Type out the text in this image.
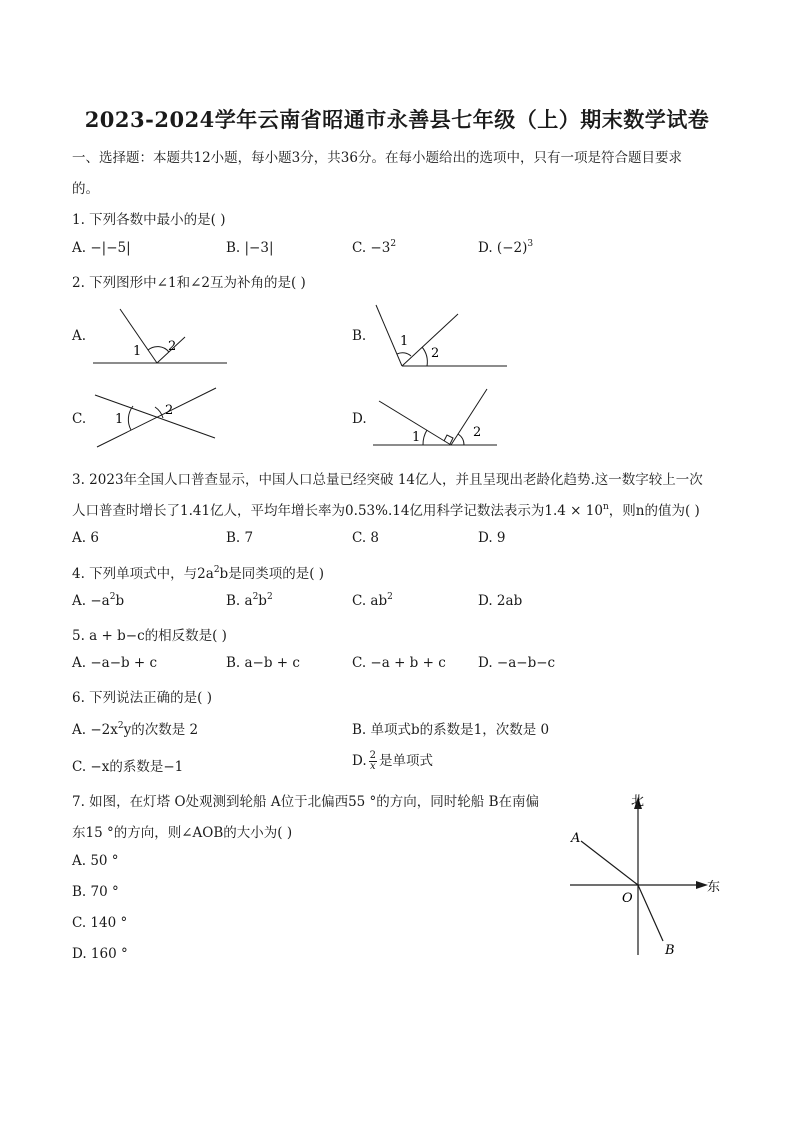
2023-2024学年云南省昭通市永善县七年级（上）期末数学试卷
一、选择题：本题共12小题，每小题3分，共36分。在每小题给出的选项中，只有一项是符合题目要求
的。
1. 下列各数中最小的是( )
A. −|−5|	B. |−3|	C. $-3^2$	D. $(-2)^3$
2. 下列图形中∠1和∠2互为补角的是( )
A.
1 2
B.	1
2
C. 1
2
D.
1	2
3. 2023年全国人口普查显示，中国人口总量已经突破 14亿人，并且呈现出老龄化趋势.这一数字较上一次
人口普查时增长了1.41亿人，平均年增长率为0.53%.14亿用科学记数法表示为$1.4 \times 10^n$，则n的值为( )
A. 6	B. 7	C. 8	D. 9
4. 下列单项式中，与$2a^2b$是同类项的是( )
A. $-a^2b$	B. $a^2b^2$	C. $ab^2$	D. 2ab
5. a + b−c的相反数是( )
A. −a−b + c	B. a−b + c	C. −a + b + c D. −a−b−c
6. 下列说法正确的是( )
A. $-2x^2y$的次数是 2	B. 单项式b的系数是1，次数是 0
C. −x的系数是−1	D. $\frac{2}{x}$ 是单项式
7. 如图，在灯塔 O处观测到轮船 A位于北偏西55 °的方向，同时轮船 B在南偏
东15 °的方向，则∠AOB的大小为( )
A. 50 °
B. 70 °
C. 140 °
D. 160 °
北
东
O
A
B
